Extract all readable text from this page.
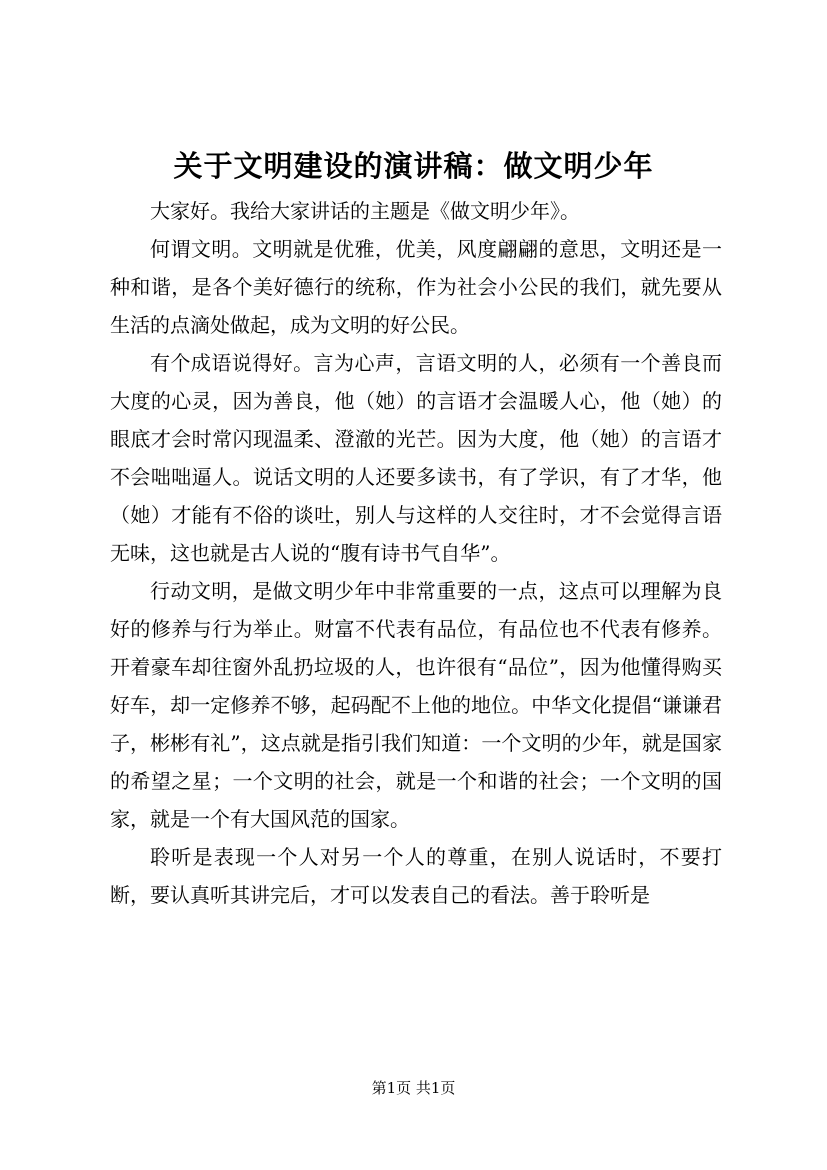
关于文明建设的演讲稿：做文明少年

大家好。我给大家讲话的主题是《做文明少年》。

何谓文明。文明就是优雅，优美，风度翩翩的意思，文明还是一种和谐，是各个美好德行的统称，作为社会小公民的我们，就先要从生活的点滴处做起，成为文明的好公民。

有个成语说得好。言为心声，言语文明的人，必须有一个善良而大度的心灵，因为善良，他（她）的言语才会温暖人心，他（她）的眼底才会时常闪现温柔、澄澈的光芒。因为大度，他（她）的言语才不会咄咄逼人。说话文明的人还要多读书，有了学识，有了才华，他（她）才能有不俗的谈吐，别人与这样的人交往时，才不会觉得言语无味，这也就是古人说的“腹有诗书气自华”。

行动文明，是做文明少年中非常重要的一点，这点可以理解为良好的修养与行为举止。财富不代表有品位，有品位也不代表有修养。开着豪车却往窗外乱扔垃圾的人，也许很有“品位”，因为他懂得购买好车，却一定修养不够，起码配不上他的地位。中华文化提倡“谦谦君子，彬彬有礼”，这点就是指引我们知道：一个文明的少年，就是国家的希望之星；一个文明的社会，就是一个和谐的社会；一个文明的国家，就是一个有大国风范的国家。

聆听是表现一个人对另一个人的尊重，在别人说话时，不要打断，要认真听其讲完后，才可以发表自己的看法。善于聆听是

第1页 共1页
